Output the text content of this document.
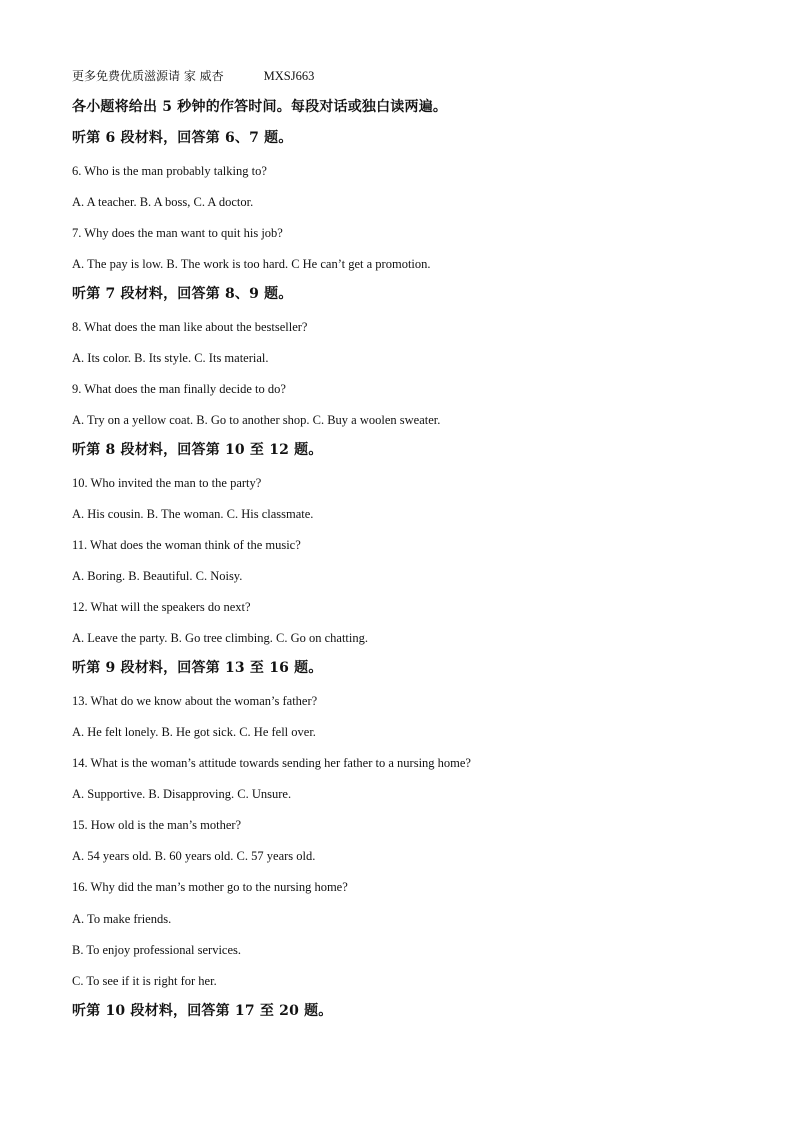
更多免费优质滋源请 家 威杏	MXSJ663
各小题将给出 5 秒钟的作答时间。每段对话或独白读两遍。
听第 6 段材料，回答第 6、7 题。
6. Who is the man probably talking to?
A. A teacher. B. A boss, C. A doctor.
7. Why does the man want to quit his job?
A. The pay is low. B. The work is too hard. C He can’t get a promotion.
听第 7 段材料，回答第 8、9 题。
8. What does the man like about the bestseller?
A. Its color. B. Its style. C. Its material.
9. What does the man finally decide to do?
A. Try on a yellow coat. B. Go to another shop. C. Buy a woolen sweater.
听第 8 段材料，回答第 10 至 12 题。
10. Who invited the man to the party?
A. His cousin. B. The woman. C. His classmate.
11. What does the woman think of the music?
A. Boring. B. Beautiful. C. Noisy.
12. What will the speakers do next?
A. Leave the party. B. Go tree climbing. C. Go on chatting.
听第 9 段材料，回答第 13 至 16 题。
13. What do we know about the woman’s father?
A. He felt lonely. B. He got sick. C. He fell over.
14. What is the woman’s attitude towards sending her father to a nursing home?
A. Supportive. B. Disapproving. C. Unsure.
15. How old is the man’s mother?
A. 54 years old. B. 60 years old. C. 57 years old.
16. Why did the man’s mother go to the nursing home?
A. To make friends.
B. To enjoy professional services.
C. To see if it is right for her.
听第 10 段材料，回答第 17 至 20 题。
